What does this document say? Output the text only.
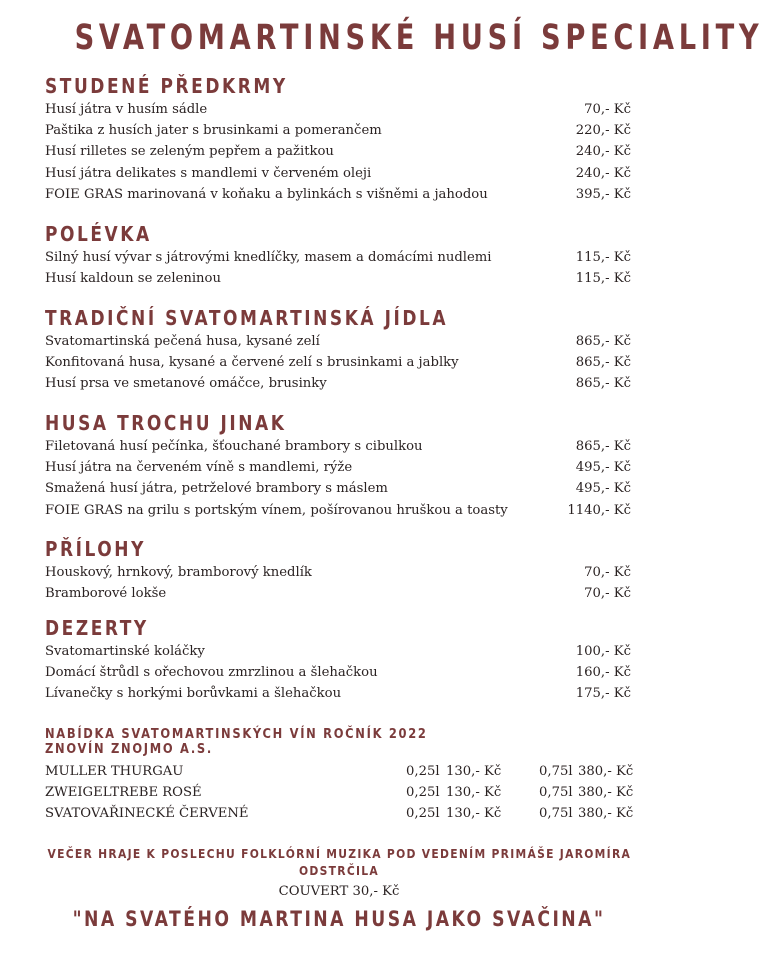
SVATOMARTINSKÉ HUSÍ SPECIALITY
STUDENÉ PŘEDKRMY
Husí játra v husím sádle	70,- Kč
Paštika z husích jater s brusinkami a pomerančem	220,- Kč
Husí rilletes se zeleným pepřem a pažitkou	240,- Kč
Husí játra delikates s mandlemi v červeném oleji	240,- Kč
FOIE GRAS marinovaná v koňaku a bylinkách s višněmi a jahodou	395,- Kč
POLÉVKA
Silný husí vývar s játrovými knedlíčky, masem a domácími nudlemi	115,- Kč
Husí kaldoun se zeleninou	115,- Kč
TRADIČNÍ SVATOMARTINSKÁ JÍDLA
Svatomartinská pečená husa, kysané zelí	865,- Kč
Konfitovaná husa, kysané a červené zelí s brusinkami a jablky	865,- Kč
Husí prsa ve smetanové omáčce, brusinky	865,- Kč
HUSA TROCHU JINAK
Filetovaná husí pečínka, šťouchané brambory s cibulkou	865,- Kč
Husí játra na červeném víně s mandlemi, rýže	495,- Kč
Smažená husí játra, petrželové brambory s máslem	495,- Kč
FOIE GRAS na grilu s portským vínem, pošírovanou hruškou a toasty	1140,- Kč
PŘÍLOHY
Houskový, hrnkový, bramborový knedlík	70,- Kč
Bramborové lokše	70,- Kč
DEZERTY
Svatomartinské koláčky	100,- Kč
Domácí štrůdl s ořechovou zmrzlinou a šlehačkou	160,- Kč
Lívanečky s horkými borůvkami a šlehačkou	175,- Kč
NABÍDKA SVATOMARTINSKÝCH VÍN ROČNÍK 2022
ZNOVÍN ZNOJMO A.S.
MULLER THURGAU	0,25l 130,- Kč	0,75l 380,- Kč
ZWEIGELTREBE ROSÉ	0,25l 130,- Kč	0,75l 380,- Kč
SVATOVAŘINECKÉ ČERVENÉ	0,25l 130,- Kč	0,75l 380,- Kč
VEČER HRAJE K POSLECHU FOLKLÓRNÍ MUZIKA POD VEDENÍM PRIMÁŠE JAROMÍRA
ODSTRČILA
COUVERT 30,- Kč
"NA SVATÉHO MARTINA HUSA JAKO SVAČINA"
